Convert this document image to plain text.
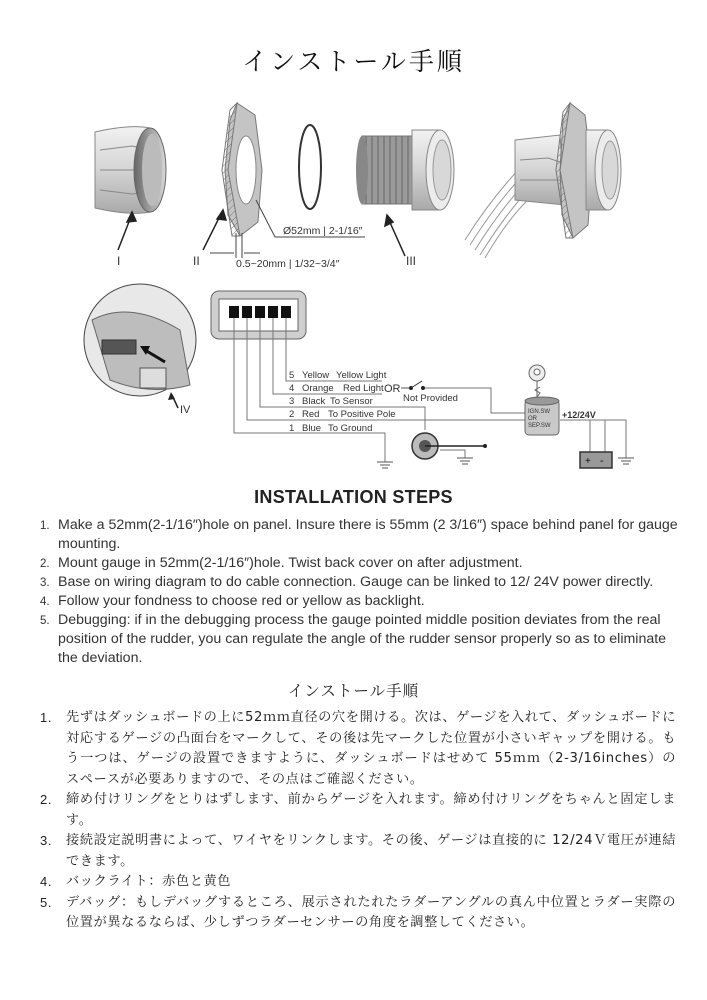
インストール手順
I	II	III
Ø52mm | 2-1/16″
0.5~20mm | 1/32~3/4″
IV
5 Yellow Yellow Light
4 Orange Red Light
3 Black To Sensor
2 Red To Positive Pole
1 Blue To Ground
OR
Not Provided
IGN.SW
OR
SEP.SW
+12/24V
+ -
INSTALLATION STEPS
1. Make a 52mm(2-1/16″)hole on panel. Insure there is 55mm (2 3/16″) space behind panel for gauge mounting.
2. Mount gauge in 52mm(2-1/16″)hole. Twist back cover on after adjustment.
3. Base on wiring diagram to do cable connection. Gauge can be linked to 12/ 24V power directly.
4. Follow your fondness to choose red or yellow as backlight.
5. Debugging: if in the debugging process the gauge pointed middle position deviates from the real position of the rudder, you can regulate the angle of the rudder sensor properly so as to eliminate the deviation.
インストール手順
1. 先ずはダッシュボードの上に52ｍｍ直径の穴を開ける。次は、ゲージを入れて、ダッシュボードに対応するゲージの凸面台をマークして、その後は先マークした位置が小さいギャップを開ける。もう一つは、ゲージの設置できますように、ダッシュボードはせめて 55ｍｍ（2-3/16inches）のスペースが必要ありますので、その点はご確認ください。
2. 締め付けリングをとりはずします、前からゲージを入れます。締め付けリングをちゃんと固定します。
3. 接続設定説明書によって、ワイヤをリンクします。その後、ゲージは直接的に 12/24Ｖ電圧が連結できます。
4. バックライト：赤色と黄色
5. デバッグ：もしデバッグするところ、展示されたれたラダーアングルの真ん中位置とラダー実際の位置が異なるならば、少しずつラダーセンサーの角度を調整してください。
